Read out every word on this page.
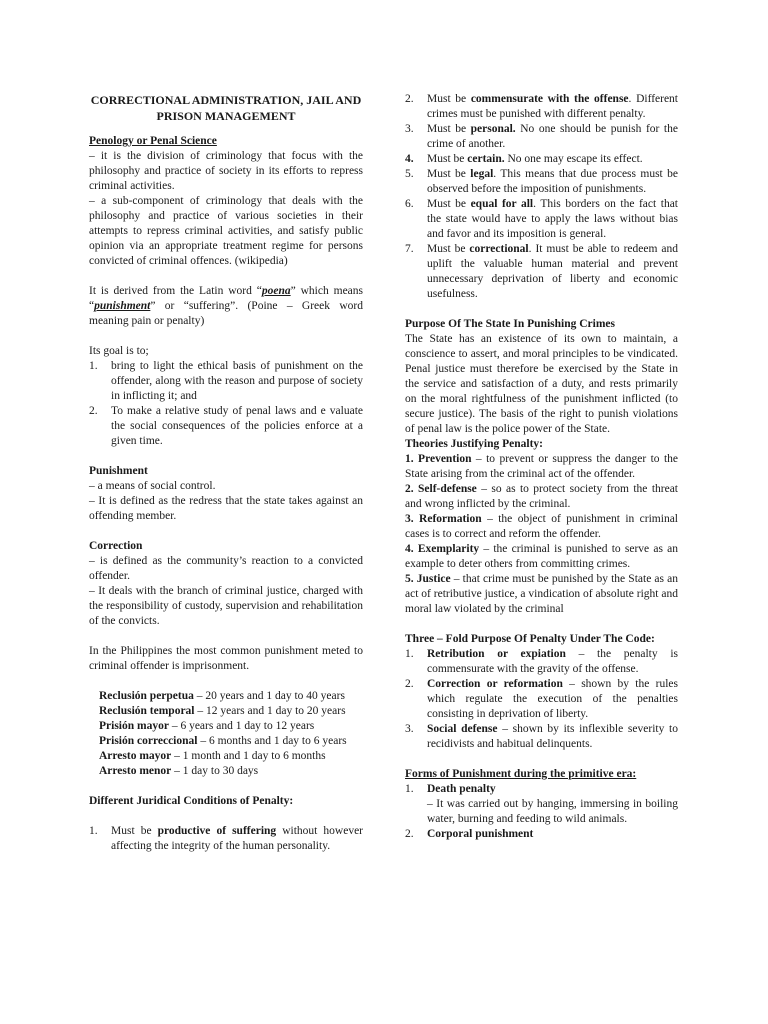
CORRECTIONAL ADMINISTRATION, JAIL AND PRISON MANAGEMENT
Penology or Penal Science
– it is the division of criminology that focus with the philosophy and practice of society in its efforts to repress criminal activities.
– a sub-component of criminology that deals with the philosophy and practice of various societies in their attempts to repress criminal activities, and satisfy public opinion via an appropriate treatment regime for persons convicted of criminal offences. (wikipedia)
It is derived from the Latin word “poena” which means “punishment” or “suffering”. (Poine – Greek word meaning pain or penalty)
Its goal is to;
1.	bring to light the ethical basis of punishment on the offender, along with the reason and purpose of society in inflicting it; and
2.	To make a relative study of penal laws and e valuate the social consequences of the policies enforce at a given time.
Punishment
– a means of social control.
– It is defined as the redress that the state takes against an offending member.
Correction
– is defined as the community’s reaction to a convicted offender.
– It deals with the branch of criminal justice, charged with the responsibility of custody, supervision and rehabilitation of the convicts.
In the Philippines the most common punishment meted to criminal offender is imprisonment.
Reclusión perpetua – 20 years and 1 day to 40 years
Reclusión temporal – 12 years and 1 day to 20 years
Prisión mayor – 6 years and 1 day to 12 years
Prisión correccional – 6 months and 1 day to 6 years
Arresto mayor – 1 month and 1 day to 6 months
Arresto menor – 1 day to 30 days
Different Juridical Conditions of Penalty:
1.	Must be productive of suffering without however affecting the integrity of the human personality.
2.	Must be commensurate with the offense. Different crimes must be punished with different penalty.
3.	Must be personal. No one should be punish for the crime of another.
4.	Must be certain. No one may escape its effect.
5.	Must be legal. This means that due process must be observed before the imposition of punishments.
6.	Must be equal for all. This borders on the fact that the state would have to apply the laws without bias and favor and its imposition is general.
7.	Must be correctional. It must be able to redeem and uplift the valuable human material and prevent unnecessary deprivation of liberty and economic usefulness.
Purpose Of The State In Punishing Crimes
The State has an existence of its own to maintain, a conscience to assert, and moral principles to be vindicated. Penal justice must therefore be exercised by the State in the service and satisfaction of a duty, and rests primarily on the moral rightfulness of the punishment inflicted (to secure justice). The basis of the right to punish violations of penal law is the police power of the State.
Theories Justifying Penalty:
1. Prevention – to prevent or suppress the danger to the State arising from the criminal act of the offender.
2. Self-defense – so as to protect society from the threat and wrong inflicted by the criminal.
3. Reformation – the object of punishment in criminal cases is to correct and reform the offender.
4. Exemplarity – the criminal is punished to serve as an example to deter others from committing crimes.
5. Justice – that crime must be punished by the State as an act of retributive justice, a vindication of absolute right and moral law violated by the criminal
Three – Fold Purpose Of Penalty Under The Code:
1.	Retribution or expiation – the penalty is commensurate with the gravity of the offense.
2.	Correction or reformation – shown by the rules which regulate the execution of the penalties consisting in deprivation of liberty.
3.	Social defense – shown by its inflexible severity to recidivists and habitual delinquents.
Forms of Punishment during the primitive era:
1.	Death penalty
– It was carried out by hanging, immersing in boiling water, burning and feeding to wild animals.
2.	Corporal punishment
